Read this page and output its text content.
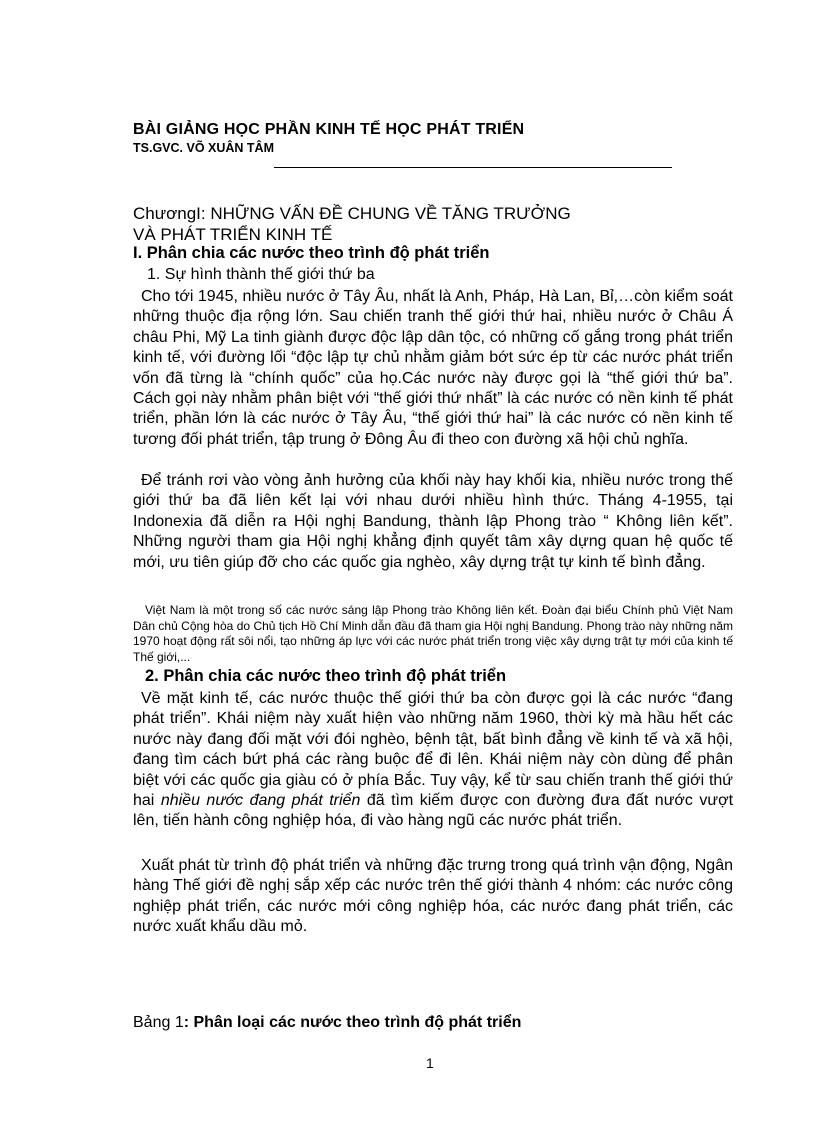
BÀI GIẢNG HỌC PHẦN KINH TẾ HỌC PHÁT TRIỂN
TS.GVC. VÕ XUÂN TÂM
ChươngI: NHỮNG VẤN ĐỀ CHUNG VỀ TĂNG TRƯỞNG
VÀ PHÁT TRIỂN KINH TẾ
I. Phân chia các nước theo trình độ phát triển
1. Sự hình thành thế giới thứ ba

Cho tới 1945, nhiều nước ở Tây Âu, nhất là Anh, Pháp, Hà Lan, Bỉ,…còn kiểm soát những thuộc địa rộng lớn. Sau chiến tranh thế giới thứ hai, nhiều nước ở Châu Á châu Phi, Mỹ La tinh giành được độc lập dân tộc, có những cố gắng trong phát triển kinh tế, với đường lối “độc lập tự chủ nhằm giảm bớt sức ép từ các nước phát triển vốn đã từng là “chính quốc” của họ.Các nước này được gọi là “thế giới thứ ba”. Cách gọi này nhằm phân biệt với “thế giới thứ nhất” là các nước có nền kinh tế phát triển, phần lớn là các nước ở Tây Âu, “thế giới thứ hai” là các nước có nền kinh tế tương đối phát triển, tập trung ở Đông Âu đi theo con đường xã hội chủ nghĩa.

Để tránh rơi vào vòng ảnh hưởng của khối này hay khối kia, nhiều nước trong thế giới thứ ba đã liên kết lại với nhau dưới nhiều hình thức. Tháng 4-1955, tại Indonexia đã diễn ra Hội nghị Bandung, thành lập Phong trào “ Không liên kết”. Những người tham gia Hội nghị khẳng định quyết tâm xây dựng quan hệ quốc tế mới, ưu tiên giúp đỡ cho các quốc gia nghèo, xây dựng trật tự kinh tế bình đẳng.

Việt Nam là một trong số các nước sáng lập Phong trào Không liên kết. Đoàn đại biểu Chính phủ Việt Nam Dân chủ Cộng hòa do Chủ tịch Hồ Chí Minh dẫn đầu đã tham gia Hội nghị Bandung. Phong trào này những năm 1970 hoạt động rất sôi nổi, tạo những áp lực với các nước phát triển trong việc xây dựng trật tự mới của kinh tế Thế giới,...

2. Phân chia các nước theo trình độ phát triển

Về mặt kinh tế, các nước thuộc thế giới thứ ba còn được gọi là các nước “đang phát triển”. Khái niệm này xuất hiện vào những năm 1960, thời kỳ mà hầu hết các nước này đang đối mặt với đói nghèo, bệnh tật, bất bình đẳng về kinh tế và xã hội, đang tìm cách bứt phá các ràng buộc để đi lên. Khái niệm này còn dùng để phân biệt với các quốc gia giàu có ở phía Bắc. Tuy vậy, kể từ sau chiến tranh thế giới thứ hai nhiều nước đang phát triển đã tìm kiếm được con đường đưa đất nước vượt lên, tiến hành công nghiệp hóa, đi vào hàng ngũ các nước phát triển.

Xuất phát từ trình độ phát triển và những đặc trưng trong quá trình vận động, Ngân hàng Thế giới đề nghị sắp xếp các nước trên thế giới thành 4 nhóm: các nước công nghiệp phát triển, các nước mới công nghiệp hóa, các nước đang phát triển, các nước xuất khẩu dầu mỏ.

Bảng 1: Phân loại các nước theo trình độ phát triển
1
